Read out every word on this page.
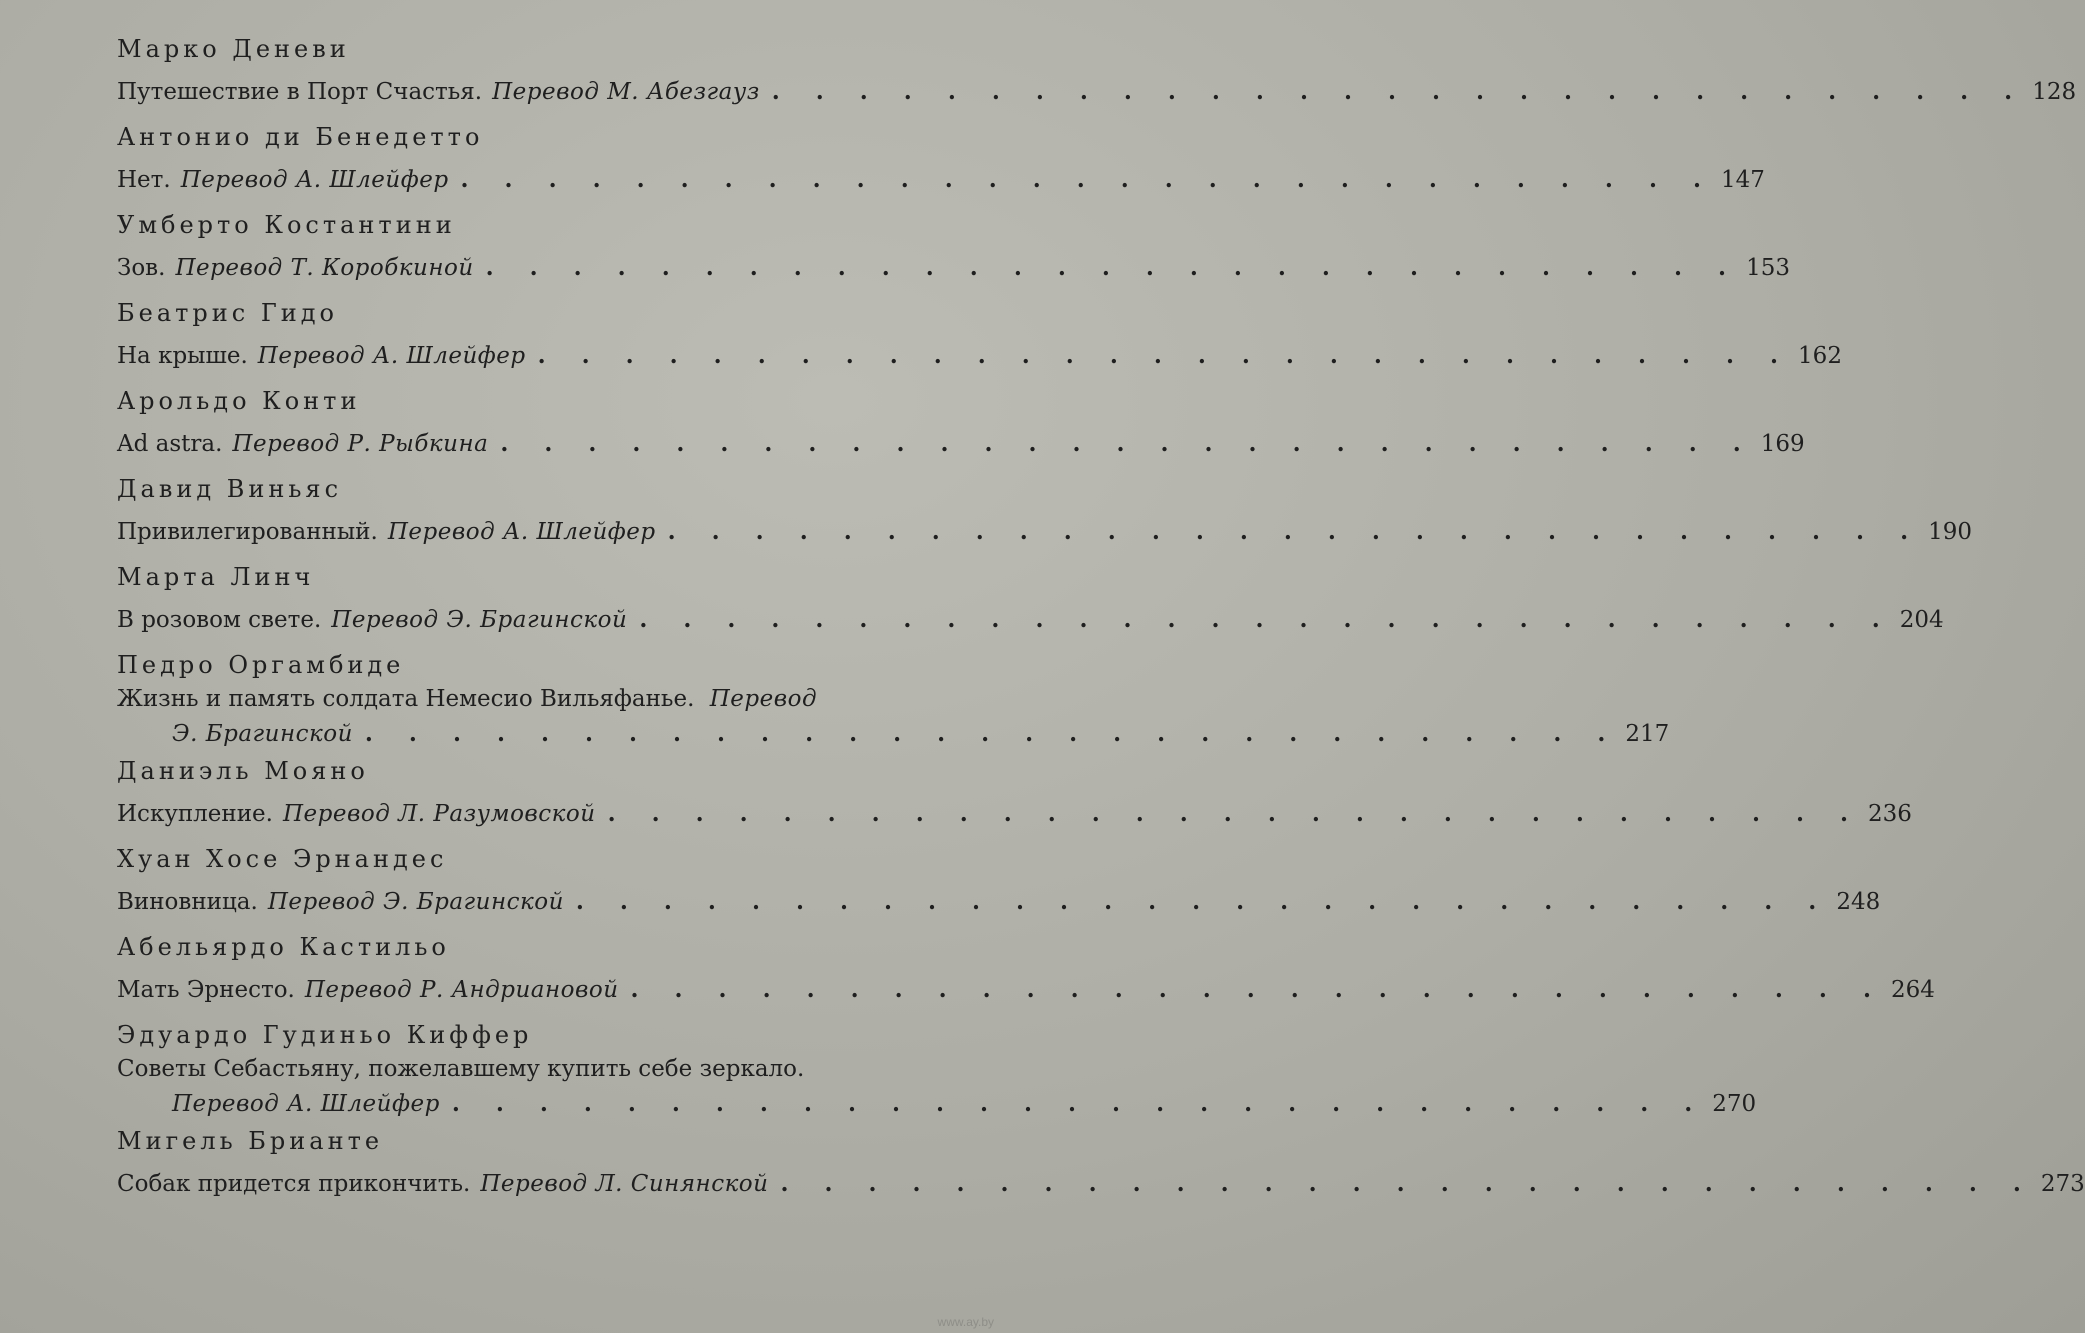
Марко Деневи
Путешествие в Порт Счастья. Перевод М. Абезгауз . . . . . . . . . . . . . . . . . . . . . . . . . . . . . 128
Антонио ди Бенедетто
Нет. Перевод А. Шлейфер . . . . . . . . . . . . . . . . . . . . . . . . . . . . . 147
Умберто Костантини
Зов. Перевод Т. Коробкиной . . . . . . . . . . . . . . . . . . . . . . . . . . . . . 153
Беатрис Гидо
На крыше. Перевод А. Шлейфер . . . . . . . . . . . . . . . . . . . . . . . . . . . . . 162
Арольдо Конти
Ad astra. Перевод Р. Рыбкина . . . . . . . . . . . . . . . . . . . . . . . . . . . . . 169
Давид Виньяс
Привилегированный. Перевод А. Шлейфер . . . . . . . . . . . . . . . . . . . . . . . . . . . . . 190
Марта Линч
В розовом свете. Перевод Э. Брагинской . . . . . . . . . . . . . . . . . . . . . . . . . . . . . 204
Педро Оргамбиде
Жизнь и память солдата Немесио Вильяфанье. Перевод
Э. Брагинской . . . . . . . . . . . . . . . . . . . . . . . . . . . . . 217
Даниэль Мояно
Искупление. Перевод Л. Разумовской . . . . . . . . . . . . . . . . . . . . . . . . . . . . . 236
Хуан Хосе Эрнандес
Виновница. Перевод Э. Брагинской . . . . . . . . . . . . . . . . . . . . . . . . . . . . . 248
Абельярдо Кастильо
Мать Эрнесто. Перевод Р. Андриановой . . . . . . . . . . . . . . . . . . . . . . . . . . . . . 264
Эдуардо Гудиньо Киффер
Советы Себастьяну, пожелавшему купить себе зеркало.
Перевод А. Шлейфер . . . . . . . . . . . . . . . . . . . . . . . . . . . . . 270
Мигель Брианте
Собак придется прикончить. Перевод Л. Синянской . . . . . . . . . . . . . . . . . . . . . . . . . . . . . 273
www.ay.by
